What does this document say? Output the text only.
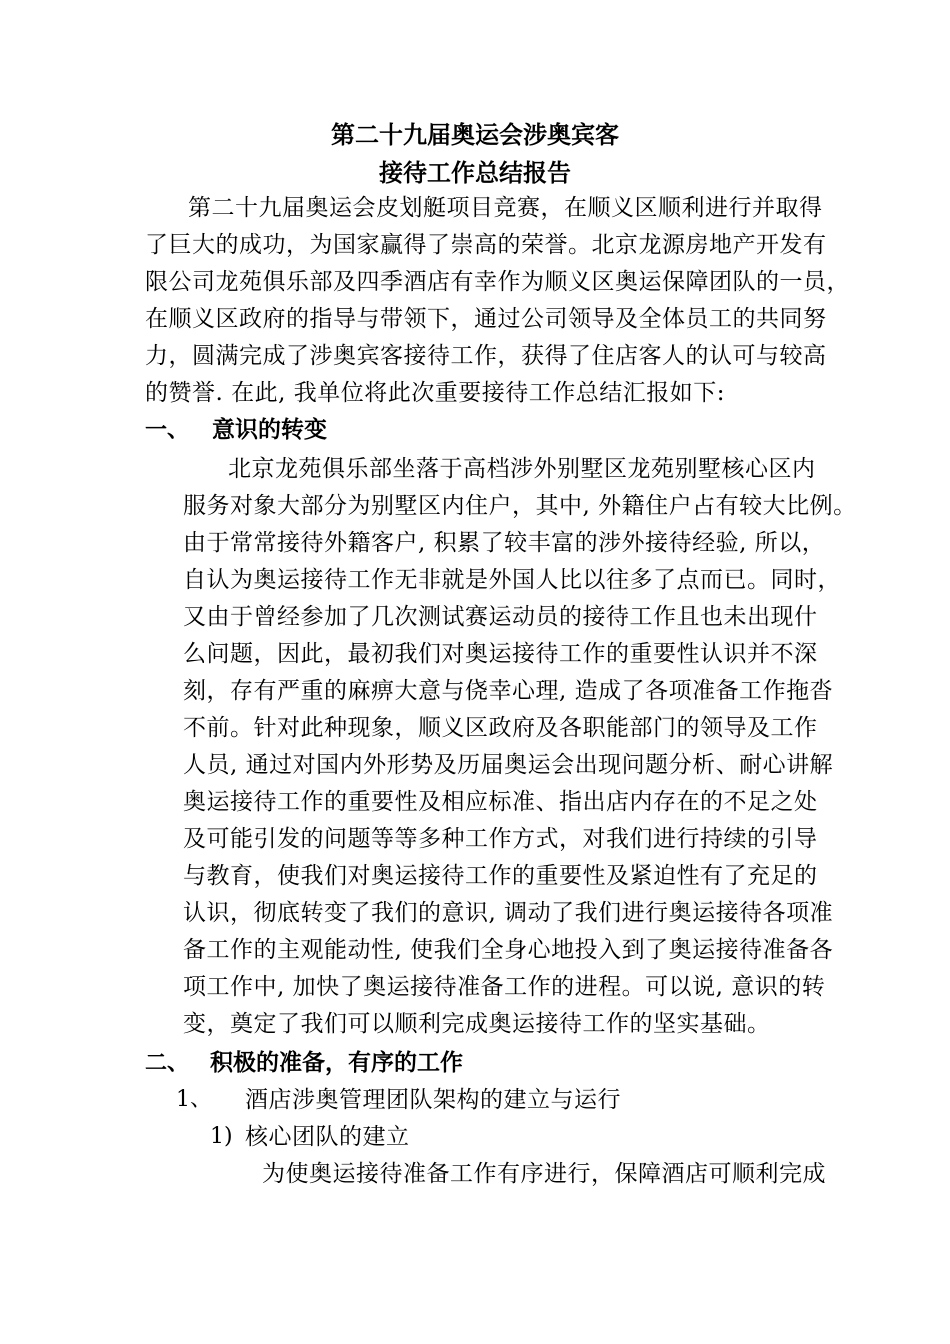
第二十九届奥运会涉奥宾客
接待工作总结报告
第二十九届奥运会皮划艇项目竞赛，在顺义区顺利进行并取得
了巨大的成功，为国家赢得了崇高的荣誉。北京龙源房地产开发有
限公司龙苑俱乐部及四季酒店有幸作为顺义区奥运保障团队的一员，
在顺义区政府的指导与带领下，通过公司领导及全体员工的共同努
力，圆满完成了涉奥宾客接待工作，获得了住店客人的认可与较高
的赞誉. 在此, 我单位将此次重要接待工作总结汇报如下:
一、 意识的转变
北京龙苑俱乐部坐落于高档涉外别墅区龙苑别墅核心区内
服务对象大部分为别墅区内住户，其中, 外籍住户占有较大比例。
由于常常接待外籍客户, 积累了较丰富的涉外接待经验, 所以，
自认为奥运接待工作无非就是外国人比以往多了点而已。同时，
又由于曾经参加了几次测试赛运动员的接待工作且也未出现什
么问题，因此，最初我们对奥运接待工作的重要性认识并不深
刻，存有严重的麻痹大意与侥幸心理, 造成了各项准备工作拖沓
不前。针对此种现象，顺义区政府及各职能部门的领导及工作
人员, 通过对国内外形势及历届奥运会出现问题分析、耐心讲解
奥运接待工作的重要性及相应标准、指出店内存在的不足之处
及可能引发的问题等等多种工作方式，对我们进行持续的引导
与教育，使我们对奥运接待工作的重要性及紧迫性有了充足的
认识，彻底转变了我们的意识, 调动了我们进行奥运接待各项准
备工作的主观能动性, 使我们全身心地投入到了奥运接待准备各
项工作中, 加快了奥运接待准备工作的进程。可以说, 意识的转
变，奠定了我们可以顺利完成奥运接待工作的坚实基础。
二、 积极的准备，有序的工作
1、 酒店涉奥管理团队架构的建立与运行
1) 核心团队的建立
为使奥运接待准备工作有序进行，保障酒店可顺利完成
